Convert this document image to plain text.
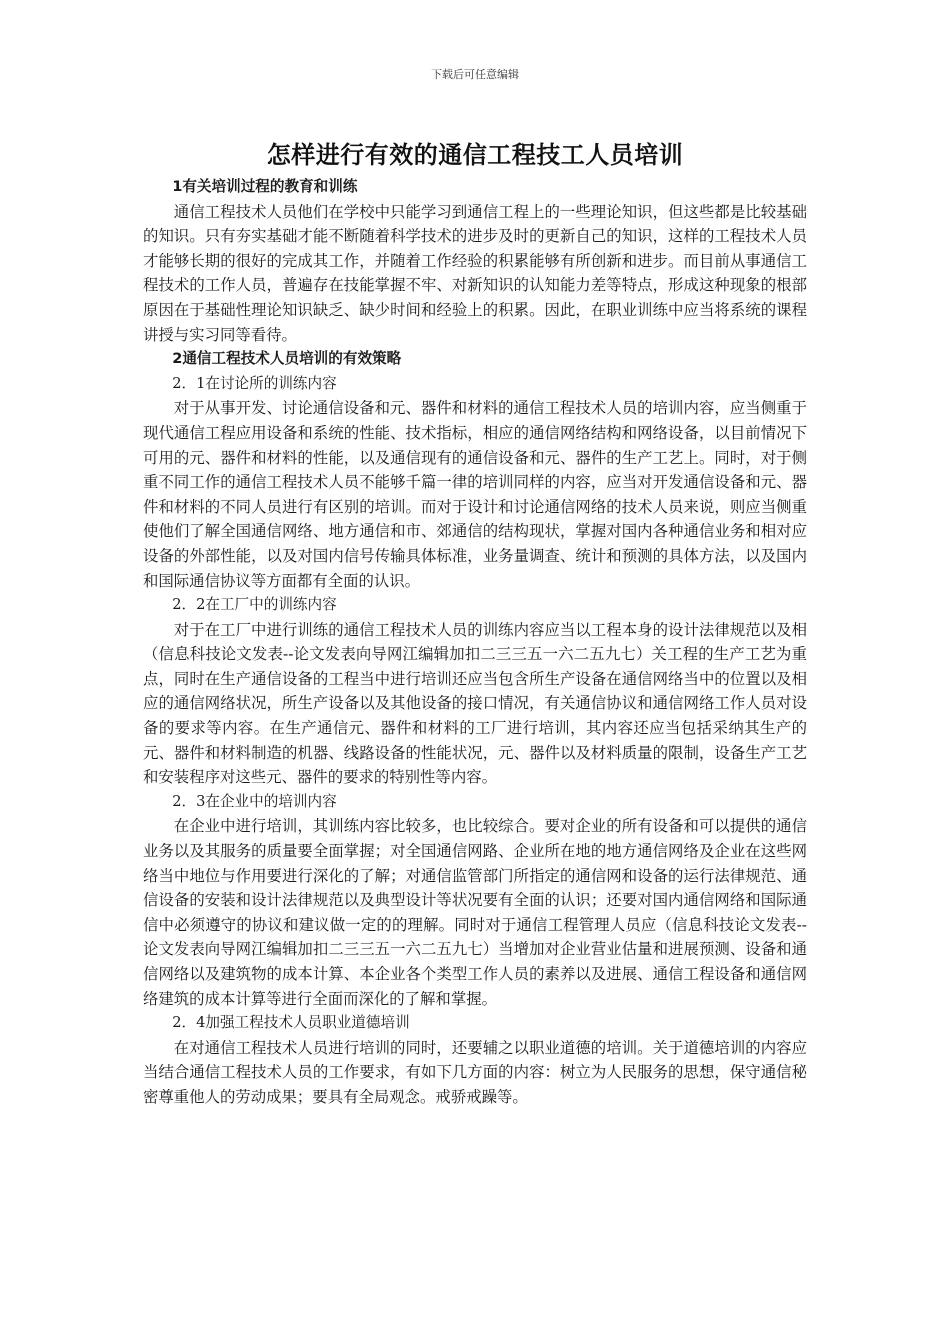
下载后可任意编辑
怎样进行有效的通信工程技工人员培训

1有关培训过程的教育和训练

通信工程技术人员他们在学校中只能学习到通信工程上的一些理论知识，但这些都是比较基础的知识。只有夯实基础才能不断随着科学技术的进步及时的更新自己的知识，这样的工程技术人员才能够长期的很好的完成其工作，并随着工作经验的积累能够有所创新和进步。而目前从事通信工程技术的工作人员，普遍存在技能掌握不牢、对新知识的认知能力差等特点，形成这种现象的根部原因在于基础性理论知识缺乏、缺少时间和经验上的积累。因此，在职业训练中应当将系统的课程讲授与实习同等看待。

2通信工程技术人员培训的有效策略

2．1在讨论所的训练内容

对于从事开发、讨论通信设备和元、器件和材料的通信工程技术人员的培训内容，应当侧重于现代通信工程应用设备和系统的性能、技术指标，相应的通信网络结构和网络设备，以目前情况下可用的元、器件和材料的性能，以及通信现有的通信设备和元、器件的生产工艺上。同时，对于侧重不同工作的通信工程技术人员不能够千篇一律的培训同样的内容，应当对开发通信设备和元、器件和材料的不同人员进行有区别的培训。而对于设计和讨论通信网络的技术人员来说，则应当侧重使他们了解全国通信网络、地方通信和市、郊通信的结构现状，掌握对国内各种通信业务和相对应设备的外部性能，以及对国内信号传输具体标准，业务量调查、统计和预测的具体方法，以及国内和国际通信协议等方面都有全面的认识。

2．2在工厂中的训练内容

对于在工厂中进行训练的通信工程技术人员的训练内容应当以工程本身的设计法律规范以及相（信息科技论文发表--论文发表向导网江编辑加扣二三三五一六二五九七）关工程的生产工艺为重点，同时在生产通信设备的工程当中进行培训还应当包含所生产设备在通信网络当中的位置以及相应的通信网络状况，所生产设备以及其他设备的接口情况，有关通信协议和通信网络工作人员对设备的要求等内容。在生产通信元、器件和材料的工厂进行培训，其内容还应当包括采纳其生产的元、器件和材料制造的机器、线路设备的性能状况，元、器件以及材料质量的限制，设备生产工艺和安装程序对这些元、器件的要求的特别性等内容。

2．3在企业中的培训内容

在企业中进行培训，其训练内容比较多，也比较综合。要对企业的所有设备和可以提供的通信业务以及其服务的质量要全面掌握；对全国通信网路、企业所在地的地方通信网络及企业在这些网络当中地位与作用要进行深化的了解；对通信监管部门所指定的通信网和设备的运行法律规范、通信设备的安装和设计法律规范以及典型设计等状况要有全面的认识；还要对国内通信网络和国际通信中必须遵守的协议和建议做一定的的理解。同时对于通信工程管理人员应（信息科技论文发表--论文发表向导网江编辑加扣二三三五一六二五九七）当增加对企业营业估量和进展预测、设备和通信网络以及建筑物的成本计算、本企业各个类型工作人员的素养以及进展、通信工程设备和通信网络建筑的成本计算等进行全面而深化的了解和掌握。

2．4加强工程技术人员职业道德培训

在对通信工程技术人员进行培训的同时，还要辅之以职业道德的培训。关于道德培训的内容应当结合通信工程技术人员的工作要求，有如下几方面的内容：树立为人民服务的思想，保守通信秘密尊重他人的劳动成果；要具有全局观念。戒骄戒躁等。
